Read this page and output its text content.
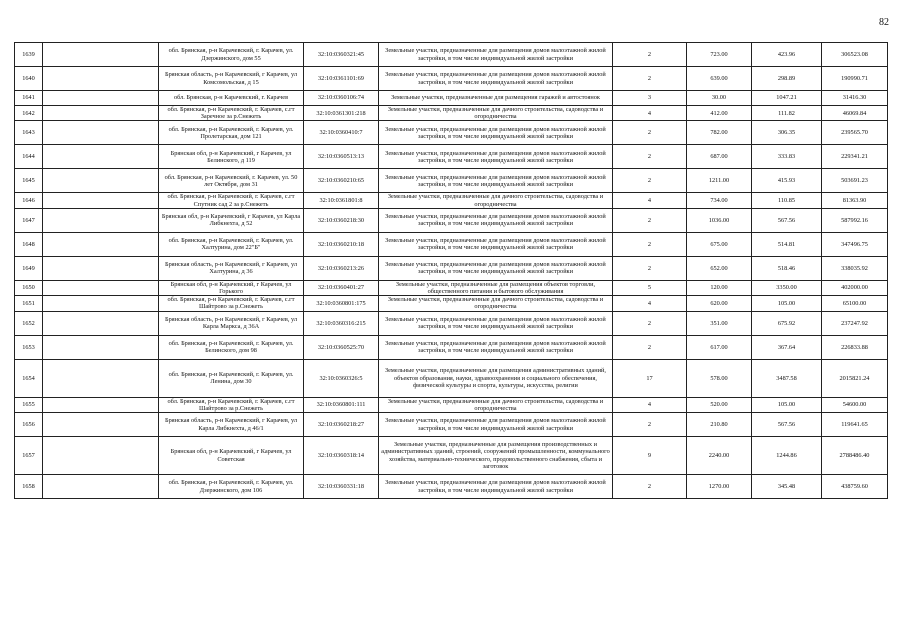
82
1639		обл. Брянская, р-н Карачевский, г. Карачев, ул. Дзержинского, дом 55	32:10:0360321:45	Земельные участки, предназначенные для размещения домов малоэтажной жилой застройки, в том числе индивидуальной жилой застройки	2	723.00	423.96	306523.08
1640		Брянская область, р-н Карачевский, г Карачев, ул Комсомольская, д 15	32:10:0361101:69	Земельные участки, предназначенные для размещения домов малоэтажной жилой застройки, в том числе индивидуальной жилой застройки	2	639.00	298.89	190990.71
1641		обл. Брянская, р-н Карачевский, г. Карачев	32:10:0360106:74	Земельные участки, предназначенные для размещения гаражей и автостоянок	3	30.00	1047.21	31416.30
1642		обл. Брянская, р-н Карачевский, г. Карачев, с.гт Заречное за р.Снежеть	32:10:0361301:218	Земельные участки, предназначенные для дачного строительства, садоводства и огородничества	4	412.00	111.82	46069.84
1643		обл. Брянская, р-н Карачевский, г. Карачев, ул. Пролетарская, дом 121	32:10:0360410:7	Земельные участки, предназначенные для размещения домов малоэтажной жилой застройки, в том числе индивидуальной жилой застройки	2	782.00	306.35	239565.70
1644		Брянская обл, р-н Карачевский, г Карачев, ул Белинского, д 119	32:10:0360513:13	Земельные участки, предназначенные для размещения домов малоэтажной жилой застройки, в том числе индивидуальной жилой застройки	2	687.00	333.83	229341.21
1645		обл. Брянская, р-н Карачевский, г. Карачев, ул. 50 лет Октября, дом 31	32:10:0360210:65	Земельные участки, предназначенные для размещения домов малоэтажной жилой застройки, в том числе индивидуальной жилой застройки	2	1211.00	415.93	503691.23
1646		обл. Брянская, р-н Карачевский, г. Карачев, с.гт Спутник сад 2 за р.Снежеть	32:10:0361801:8	Земельные участки, предназначенные для дачного строительства, садоводства и огородничества	4	734.00	110.85	81363.90
1647		Брянская обл, р-н Карачевский, г Карачев, ул Карла Либкнехта, д 52	32:10:0360218:30	Земельные участки, предназначенные для размещения домов малоэтажной жилой застройки, в том числе индивидуальной жилой застройки	2	1036.00	567.56	587992.16
1648		обл. Брянская, р-н Карачевский, г. Карачев, ул. Халтурина, дом 22"Б"	32:10:0360210:18	Земельные участки, предназначенные для размещения домов малоэтажной жилой застройки, в том числе индивидуальной жилой застройки	2	675.00	514.81	347496.75
1649		Брянская область, р-н Карачевский, г Карачев, ул Халтурина, д 36	32:10:0360213:26	Земельные участки, предназначенные для размещения домов малоэтажной жилой застройки, в том числе индивидуальной жилой застройки	2	652.00	518.46	338035.92
1650		Брянская обл, р-н Карачевский, г Карачев, ул Горького	32:10:0360401:27	Земельные участки, предназначенные для размещения объектов торговли, общественного питания и бытового обслуживания	5	120.00	3350.00	402000.00
1651		обл. Брянская, р-н Карачевский, г. Карачев, с.гт Шайтрово за р.Снежеть	32:10:0360801:175	Земельные участки, предназначенные для дачного строительства, садоводства и огородничества	4	620.00	105.00	65100.00
1652		Брянская область, р-н Карачевский, г Карачев, ул Карла Маркса, д 36А	32:10:0360316:215	Земельные участки, предназначенные для размещения домов малоэтажной жилой застройки, в том числе индивидуальной жилой застройки	2	351.00	675.92	237247.92
1653		обл. Брянская, р-н Карачевский, г. Карачев, ул. Белинского, дом 98	32:10:0360525:70	Земельные участки, предназначенные для размещения домов малоэтажной жилой застройки, в том числе индивидуальной жилой застройки	2	617.00	367.64	226833.88
1654		обл. Брянская, р-н Карачевский, г. Карачев, ул. Ленина, дом 30	32:10:0360326:5	Земельные участки, предназначенные для размещения административных зданий, объектов образования, науки, здравоохранения и социального обеспечения, физической культуры и спорта, культуры, искусства, религии	17	578.00	3487.58	2015821.24
1655		обл. Брянская, р-н Карачевский, г. Карачев, с.гт Шайтрово за р.Снежеть	32:10:0360801:111	Земельные участки, предназначенные для дачного строительства, садоводства и огородничества	4	520.00	105.00	54600.00
1656		Брянская область, р-н Карачевский, г Карачев, ул Карла Либкнехта, д 46/1	32:10:0360218:27	Земельные участки, предназначенные для размещения домов малоэтажной жилой застройки, в том числе индивидуальной жилой застройки	2	210.80	567.56	119641.65
1657		Брянская обл, р-н Карачевский, г Карачев, ул Советская	32:10:0360318:14	Земельные участки, предназначенные для размещения производственных и административных зданий, строений, сооружений промышленности, коммунального хозяйства, материально-технического, продовольственного снабжения, сбыта и заготовок	9	2240.00	1244.86	2788486.40
1658		обл. Брянская, р-н Карачевский, г. Карачев, ул. Дзержинского, дом 106	32:10:0360331:18	Земельные участки, предназначенные для размещения домов малоэтажной жилой застройки, в том числе индивидуальной жилой застройки	2	1270.00	345.48	438759.60
